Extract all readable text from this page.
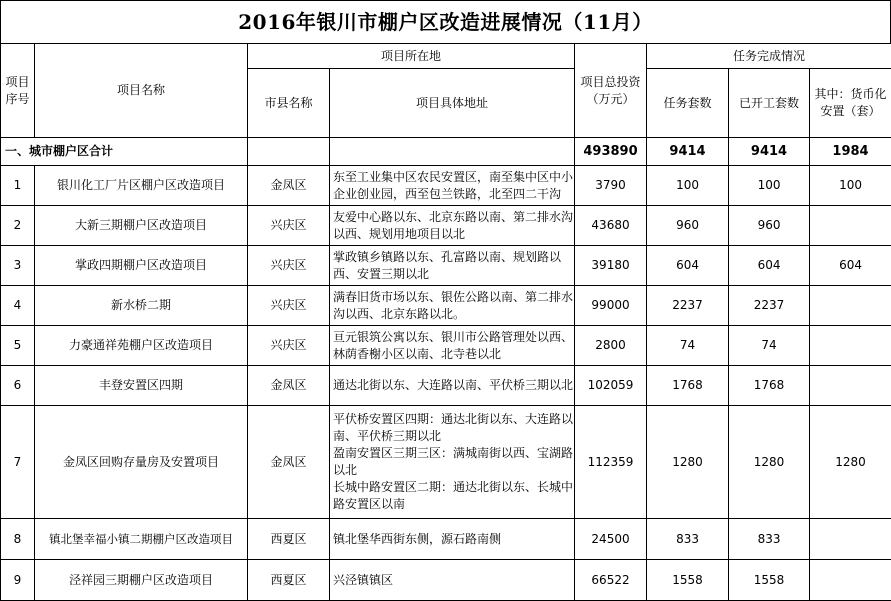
2016年银川市棚户区改造进展情况（11月）
项目序号	项目名称	项目所在地		项目总投资（万元）	任务完成情况		
		市县名称	项目具体地址		任务套数	已开工套数	其中：货币化安置（套）
一、城市棚户区合计				493890	9414	9414	1984
1	银川化工厂片区棚户区改造项目	金凤区	东至工业集中区农民安置区，南至集中区中小企业创业园，西至包兰铁路，北至四二干沟	3790	100	100	100
2	大新三期棚户区改造项目	兴庆区	友爱中心路以东、北京东路以南、第二排水沟以西、规划用地项目以北	43680	960	960	
3	掌政四期棚户区改造项目	兴庆区	掌政镇乡镇路以东、孔富路以南、规划路以西、安置三期以北	39180	604	604	604
4	新水桥二期	兴庆区	满春旧货市场以东、银佐公路以南、第二排水沟以西、北京东路以北。	99000	2237	2237	
5	力豪通祥苑棚户区改造项目	兴庆区	亘元银筑公寓以东、银川市公路管理处以西、林荫香榭小区以南、北寺巷以北	2800	74	74	
6	丰登安置区四期	金凤区	通达北街以东、大连路以南、平伏桥三期以北	102059	1768	1768	
7	金凤区回购存量房及安置项目	金凤区	平伏桥安置区四期：通达北街以东、大连路以南、平伏桥三期以北
盈南安置区三期三区：满城南街以西、宝湖路以北
长城中路安置区二期：通达北街以东、长城中路安置区以南	112359	1280	1280	1280
8	镇北堡幸福小镇二期棚户区改造项目	西夏区	镇北堡华西街东侧，源石路南侧	24500	833	833	
9	泾祥园三期棚户区改造项目	西夏区	兴泾镇镇区	66522	1558	1558	
